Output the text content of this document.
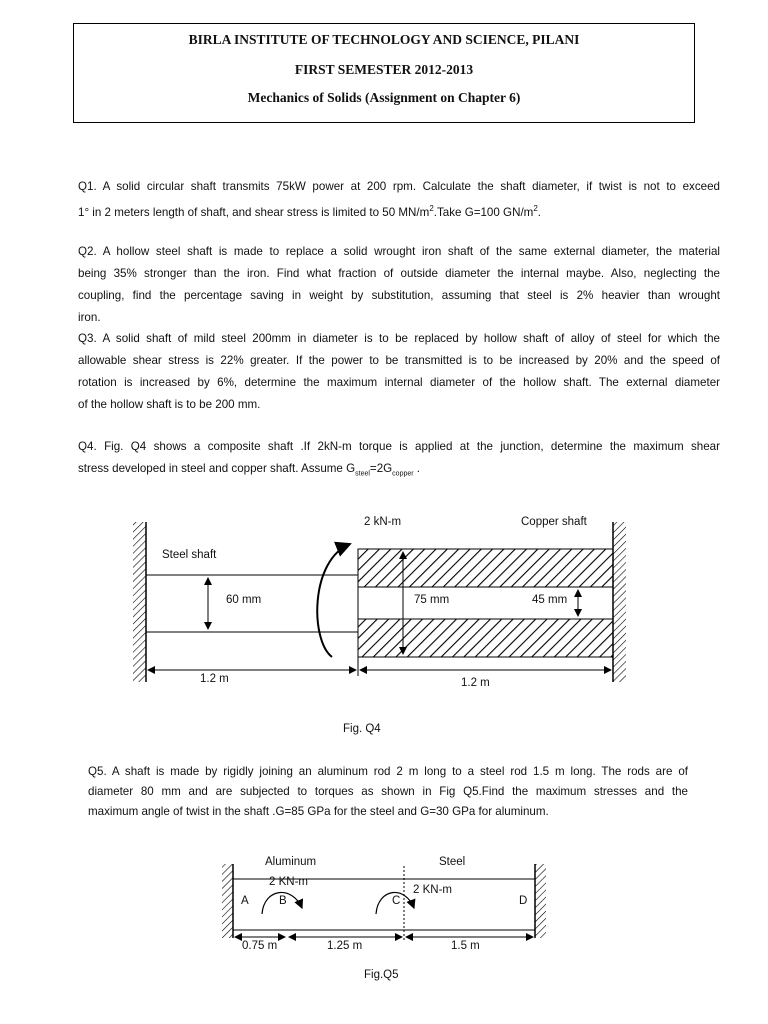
BIRLA INSTITUTE OF TECHNOLOGY AND SCIENCE, PILANI
FIRST SEMESTER 2012-2013
Mechanics of Solids (Assignment on Chapter 6)
Q1. A solid circular shaft transmits 75kW power at 200 rpm. Calculate the shaft diameter, if twist is not to exceed
1° in 2 meters length of shaft, and shear stress is limited to 50 $MN/m^2.Take$ G=100 $GN/m^2$.
Q2. A hollow steel shaft is made to replace a solid wrought iron shaft of the same external diameter, the material
being 35% stronger than the iron. Find what fraction of outside diameter the internal maybe. Also, neglecting the
coupling, find the percentage saving in weight by substitution, assuming that steel is 2% heavier than wrought
iron.
Q3. A solid shaft of mild steel 200mm in diameter is to be replaced by hollow shaft of alloy of steel for which the
allowable shear stress is 22% greater. If the power to be transmitted is to be increased by 20% and the speed of
rotation is increased by 6%, determine the maximum internal diameter of the hollow shaft. The external diameter
of the hollow shaft is to be 200 mm.
Q4. Fig. Q4 shows a composite shaft .If 2kN-m torque is applied at the junction, determine the maximum shear
stress developed in steel and copper shaft. Assume $G_{steel}=2G_{copper}$ .
2 kN-m	Copper shaft
Steel shaft
60 mm	75 mm	45 mm
1.2 m	1.2 m
Fig. Q4
Q5. A shaft is made by rigidly joining an aluminum rod 2 m long to a steel rod 1.5 m long. The rods are of
diameter 80 mm and are subjected to torques as shown in Fig Q5.Find the maximum stresses and the
maximum angle of twist in the shaft .G=85 GPa for the steel and G=30 GPa for aluminum.
Aluminum	Steel
2 KN-m
2 KN-m
A	B	C	D
0.75 m	1.25 m	1.5 m
Fig.Q5
